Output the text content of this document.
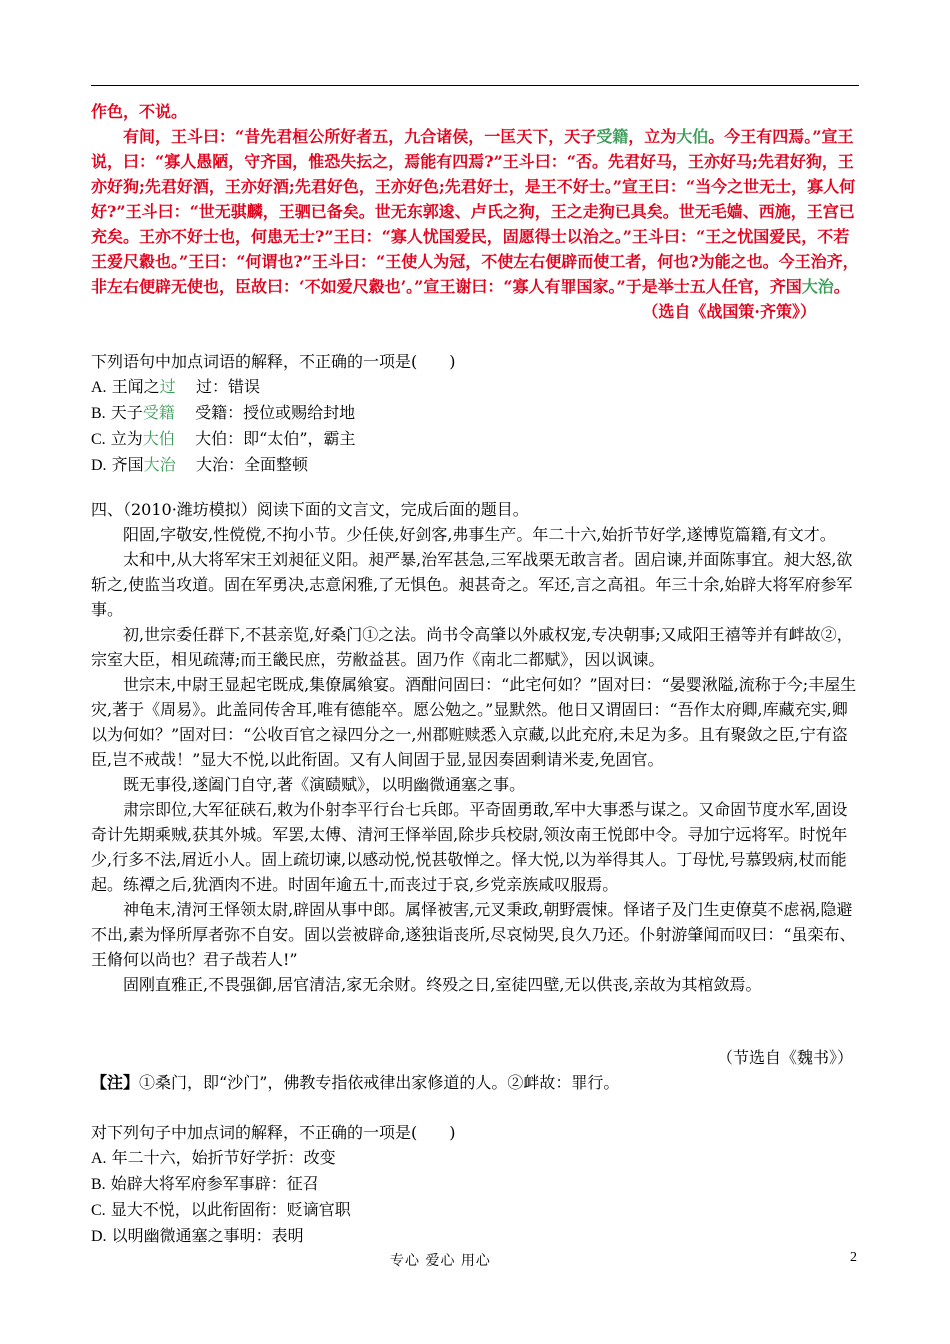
作色，不说。
有间，王斗曰：“昔先君桓公所好者五，九合诸侯，一匡天下，天子受籍，立为大伯。今王有四焉。”宣王说，曰：“寡人愚陋，守齐国，惟恐失抎之，焉能有四焉?”王斗曰：“否。先君好马，王亦好马;先君好狗，王亦好狗;先君好酒，王亦好酒;先君好色，王亦好色;先君好士，是王不好士。”宣王曰：“当今之世无士，寡人何好?”王斗曰：“世无骐麟，王驷已备矣。世无东郭逡、卢氏之狗，王之走狗已具矣。世无毛嫱、西施，王宫已充矣。王亦不好士也，何患无士?”王曰：“寡人忧国爱民，固愿得士以治之。”王斗曰：“王之忧国爱民，不若王爱尺縠也。”王曰：“何谓也?”王斗曰：“王使人为冠，不使左右便辟而使工者，何也?为能之也。今王治齐，非左右便辟无使也，臣故曰：‘不如爱尺縠也’。”宣王谢曰：“寡人有罪国家。”于是举士五人任官，齐国大治。
（选自《战国策·齐策》）
下列语句中加点词语的解释，不正确的一项是(　　)
A. 王闻之过    过：错误
B. 天子受籍    受籍：授位或赐给封地
C. 立为大伯    大伯：即“太伯”，霸主
D. 齐国大治    大治：全面整顿
四、（2010·潍坊模拟）阅读下面的文言文，完成后面的题目。
阳固,字敬安,性傥傥,不拘小节。少任侠,好剑客,弗事生产。年二十六,始折节好学,遂博览篇籍,有文才。
太和中,从大将军宋王刘昶征义阳。昶严暴,治军甚急,三军战栗无敢言者。固启谏,并面陈事宜。昶大怒,欲斩之,使监当攻道。固在军勇决,志意闲雅,了无惧色。昶甚奇之。军还,言之高祖。年三十余,始辟大将军府参军事。
初,世宗委任群下,不甚亲览,好桑门①之法。尚书令高肇以外戚权宠,专决朝事;又咸阳王禧等并有衅故②，宗室大臣，相见疏薄;而王畿民庶，劳敝益甚。固乃作《南北二都赋》，因以讽谏。
世宗末,中尉王显起宅既成,集僚属飨宴。酒酣问固曰：“此宅何如？”固对曰：“晏婴湫隘,流称于今;丰屋生灾,著于《周易》。此盖同传舍耳,唯有德能卒。愿公勉之。”显默然。他日又谓固曰：“吾作太府卿,库藏充实,卿以为何如？”固对曰：“公收百官之禄四分之一,州郡赃赎悉入京藏,以此充府,未足为多。且有聚敛之臣,宁有盗臣,岂不戒哉！”显大不悦,以此衔固。又有人间固于显,显因奏固剩请米麦,免固官。
既无事役,遂阖门自守,著《演赜赋》，以明幽微通塞之事。
肃宗即位,大军征硖石,敕为仆射李平行台七兵郎。平奇固勇敢,军中大事悉与谋之。又命固节度水军,固设奇计先期乘贼,获其外城。军罢,太傅、清河王怿举固,除步兵校尉,领汝南王悦郎中令。寻加宁远将军。时悦年少,行多不法,屑近小人。固上疏切谏,以感动悦,悦甚敬惮之。怿大悦,以为举得其人。丁母忧,号慕毁病,杖而能起。练禫之后,犹酒肉不进。时固年逾五十,而丧过于哀,乡党亲族咸叹服焉。
神龟末,清河王怿领太尉,辟固从事中郎。属怿被害,元叉秉政,朝野震悚。怿诸子及门生吏僚莫不虑祸,隐避不出,素为怿所厚者弥不自安。固以尝被辟命,遂独诣丧所,尽哀恸哭,良久乃还。仆射游肇闻而叹曰：“虽栾布、王脩何以尚也？君子哉若人!”
固刚直雅正,不畏强御,居官清洁,家无余财。终殁之日,室徒四壁,无以供丧,亲故为其棺敛焉。
（节选自《魏书》）
【注】①桑门，即“沙门”，佛教专指依戒律出家修道的人。②衅故：罪行。
对下列句子中加点词的解释，不正确的一项是(　　)
A. 年二十六，始折节好学折：改变
B. 始辟大将军府参军事辟：征召
C. 显大不悦，以此衔固衔：贬谪官职
D. 以明幽微通塞之事明：表明
专心 爱心 用心	2
